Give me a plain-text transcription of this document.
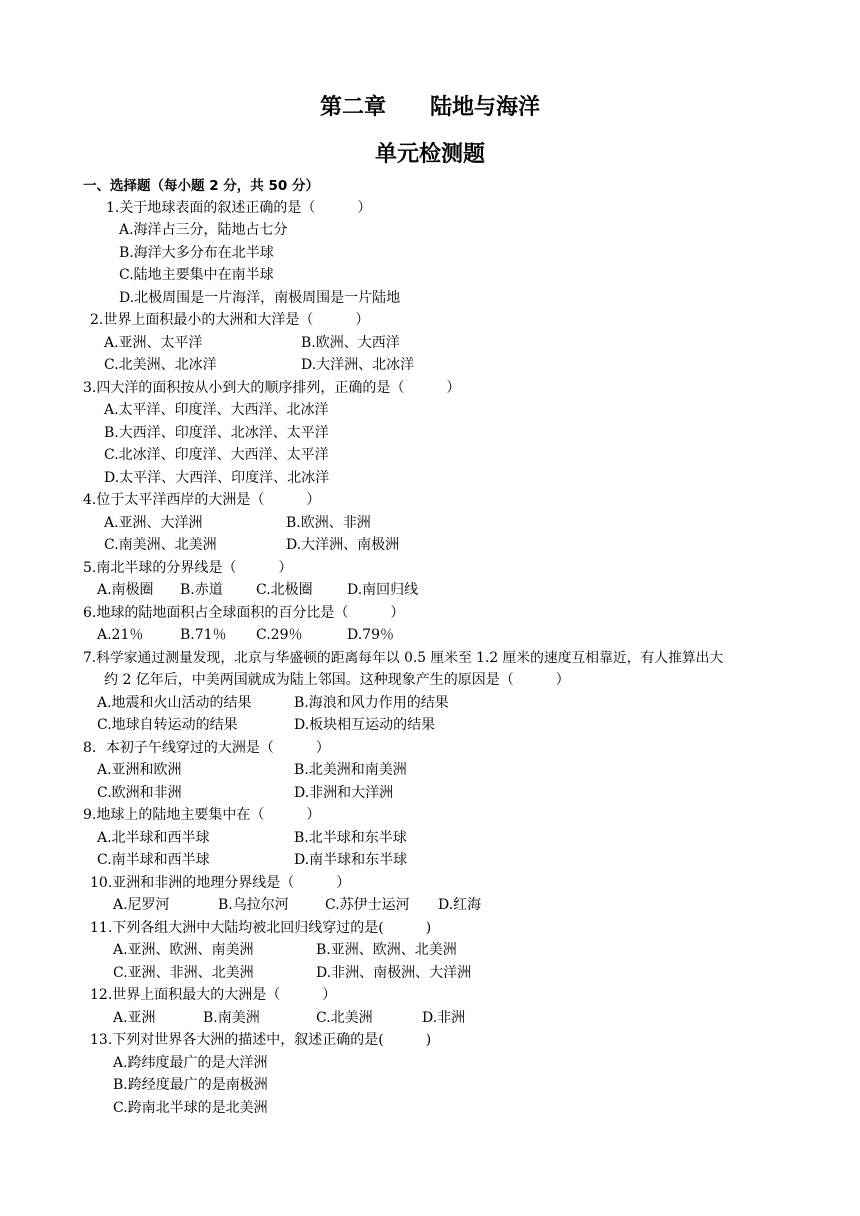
第二章　　陆地与海洋
单元检测题
一、选择题（每小题 2 分，共 50 分）
1.关于地球表面的叙述正确的是（　　　）
A.海洋占三分，陆地占七分
B.海洋大多分布在北半球
C.陆地主要集中在南半球
D.北极周围是一片海洋，南极周围是一片陆地
2.世界上面积最小的大洲和大洋是（　　　）
A.亚洲、太平洋	B.欧洲、大西洋
C.北美洲、北冰洋	D.大洋洲、北冰洋
3.四大洋的面积按从小到大的顺序排列，正确的是（　　　）
A.太平洋、印度洋、大西洋、北冰洋
B.大西洋、印度洋、北冰洋、太平洋
C.北冰洋、印度洋、大西洋、太平洋
D.太平洋、大西洋、印度洋、北冰洋
4.位于太平洋西岸的大洲是（　　　）
A.亚洲、大洋洲	B.欧洲、非洲
C.南美洲、北美洲	D.大洋洲、南极洲
5.南北半球的分界线是（　　　）
A.南极圈 B.赤道 C.北极圈 D.南回归线
6.地球的陆地面积占全球面积的百分比是（　　　）
A.21％	B.71％ C.29％	D.79％
7.科学家通过测量发现，北京与华盛顿的距离每年以 0.5 厘米至 1.2 厘米的速度互相靠近，有人推算出大
约 2 亿年后，中美两国就成为陆上邻国。这种现象产生的原因是（　　　）
A.地震和火山活动的结果	B.海浪和风力作用的结果
C.地球自转运动的结果	D.板块相互运动的结果
8．本初子午线穿过的大洲是（　　　）
A.亚洲和欧洲	B.北美洲和南美洲
C.欧洲和非洲	D.非洲和大洋洲
9.地球上的陆地主要集中在（　　　）
A.北半球和西半球	B.北半球和东半球
C.南半球和西半球	D.南半球和东半球
10.亚洲和非洲的地理分界线是（　　　）
A.尼罗河	B.乌拉尔河	C.苏伊士运河 D.红海
11.下列各组大洲中大陆均被北回归线穿过的是(　　　)
A.亚洲、欧洲、南美洲	B.亚洲、欧洲、北美洲
C.亚洲、非洲、北美洲	D.非洲、南极洲、大洋洲
12.世界上面积最大的大洲是（　　　）
A.亚洲	B.南美洲	C.北美洲	D.非洲
13.下列对世界各大洲的描述中，叙述正确的是(　　　)
A.跨纬度最广的是大洋洲
B.跨经度最广的是南极洲
C.跨南北半球的是北美洲
